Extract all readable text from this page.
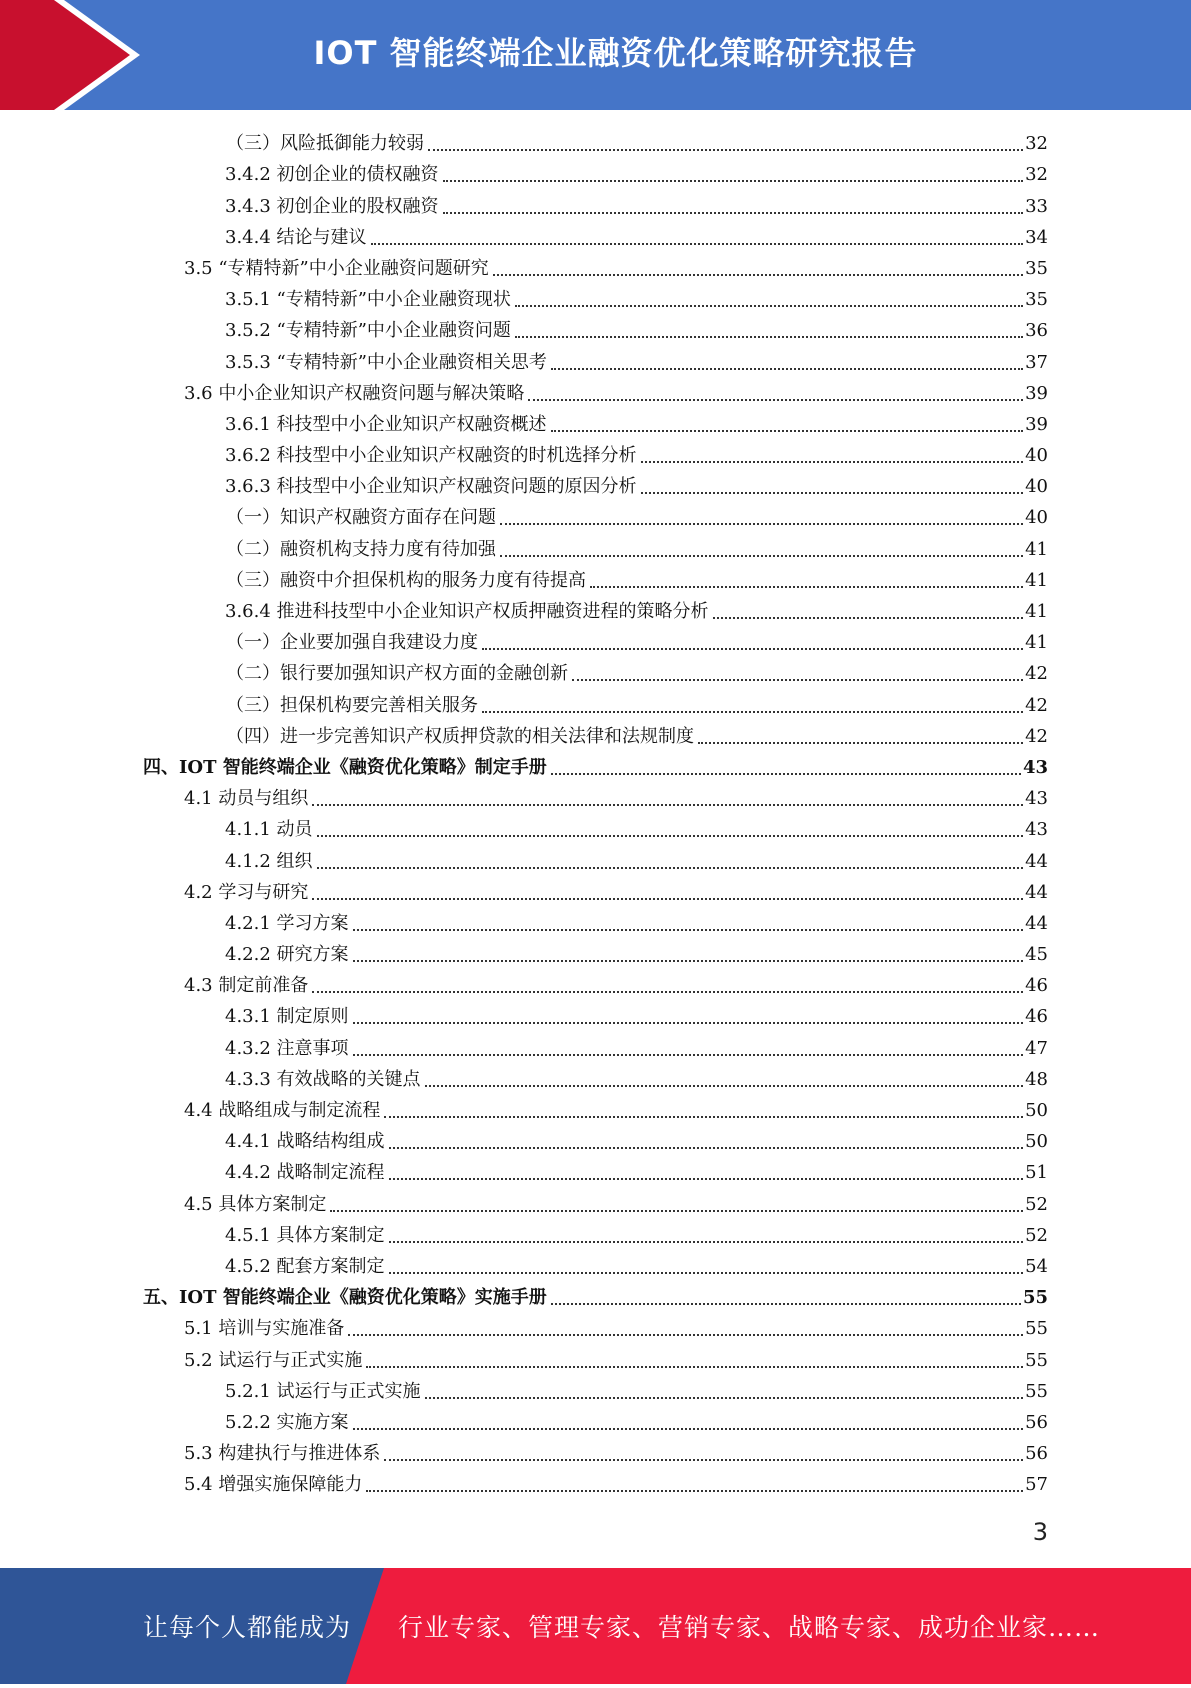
IOT 智能终端企业融资优化策略研究报告
（三）风险抵御能力较弱	32
3.4.2 初创企业的债权融资	32
3.4.3 初创企业的股权融资	33
3.4.4 结论与建议	34
3.5 “专精特新”中小企业融资问题研究	35
3.5.1 “专精特新”中小企业融资现状	35
3.5.2 “专精特新”中小企业融资问题	36
3.5.3 “专精特新”中小企业融资相关思考	37
3.6 中小企业知识产权融资问题与解决策略	39
3.6.1 科技型中小企业知识产权融资概述	39
3.6.2 科技型中小企业知识产权融资的时机选择分析	40
3.6.3 科技型中小企业知识产权融资问题的原因分析	40
（一）知识产权融资方面存在问题	40
（二）融资机构支持力度有待加强	41
（三）融资中介担保机构的服务力度有待提高	41
3.6.4 推进科技型中小企业知识产权质押融资进程的策略分析	41
（一）企业要加强自我建设力度	41
（二）银行要加强知识产权方面的金融创新	42
（三）担保机构要完善相关服务	42
（四）进一步完善知识产权质押贷款的相关法律和法规制度	42
四、IOT 智能终端企业《融资优化策略》制定手册	43
4.1 动员与组织	43
4.1.1 动员	43
4.1.2 组织	44
4.2 学习与研究	44
4.2.1 学习方案	44
4.2.2 研究方案	45
4.3 制定前准备	46
4.3.1 制定原则	46
4.3.2 注意事项	47
4.3.3 有效战略的关键点	48
4.4 战略组成与制定流程	50
4.4.1 战略结构组成	50
4.4.2 战略制定流程	51
4.5 具体方案制定	52
4.5.1 具体方案制定	52
4.5.2 配套方案制定	54
五、IOT 智能终端企业《融资优化策略》实施手册	55
5.1 培训与实施准备	55
5.2 试运行与正式实施	55
5.2.1 试运行与正式实施	55
5.2.2 实施方案	56
5.3 构建执行与推进体系	56
5.4 增强实施保障能力	57
3
让每个人都能成为 行业专家、管理专家、营销专家、战略专家、成功企业家……
